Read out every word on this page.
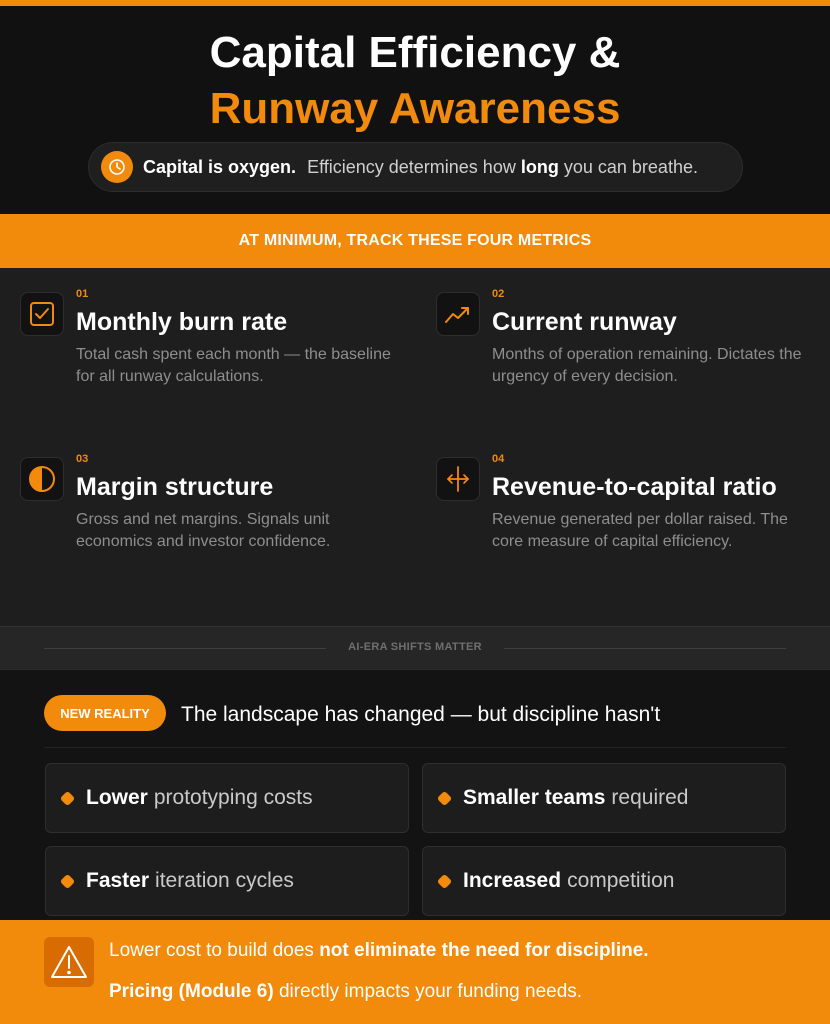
Capital Efficiency &
Runway Awareness
Capital is oxygen. Efficiency determines how long you can breathe.
AT MINIMUM, TRACK THESE FOUR METRICS
01
Monthly burn rate
Total cash spent each month — the baseline for all runway calculations.
02
Current runway
Months of operation remaining. Dictates the urgency of every decision.
03
Margin structure
Gross and net margins. Signals unit economics and investor confidence.
04
Revenue-to-capital ratio
Revenue generated per dollar raised. The core measure of capital efficiency.
AI-ERA SHIFTS MATTER
NEW REALITY	The landscape has changed — but discipline hasn't
Lower prototyping costs	Smaller teams required
Faster iteration cycles	Increased competition
Lower cost to build does not eliminate the need for discipline.
Pricing (Module 6) directly impacts your funding needs.
